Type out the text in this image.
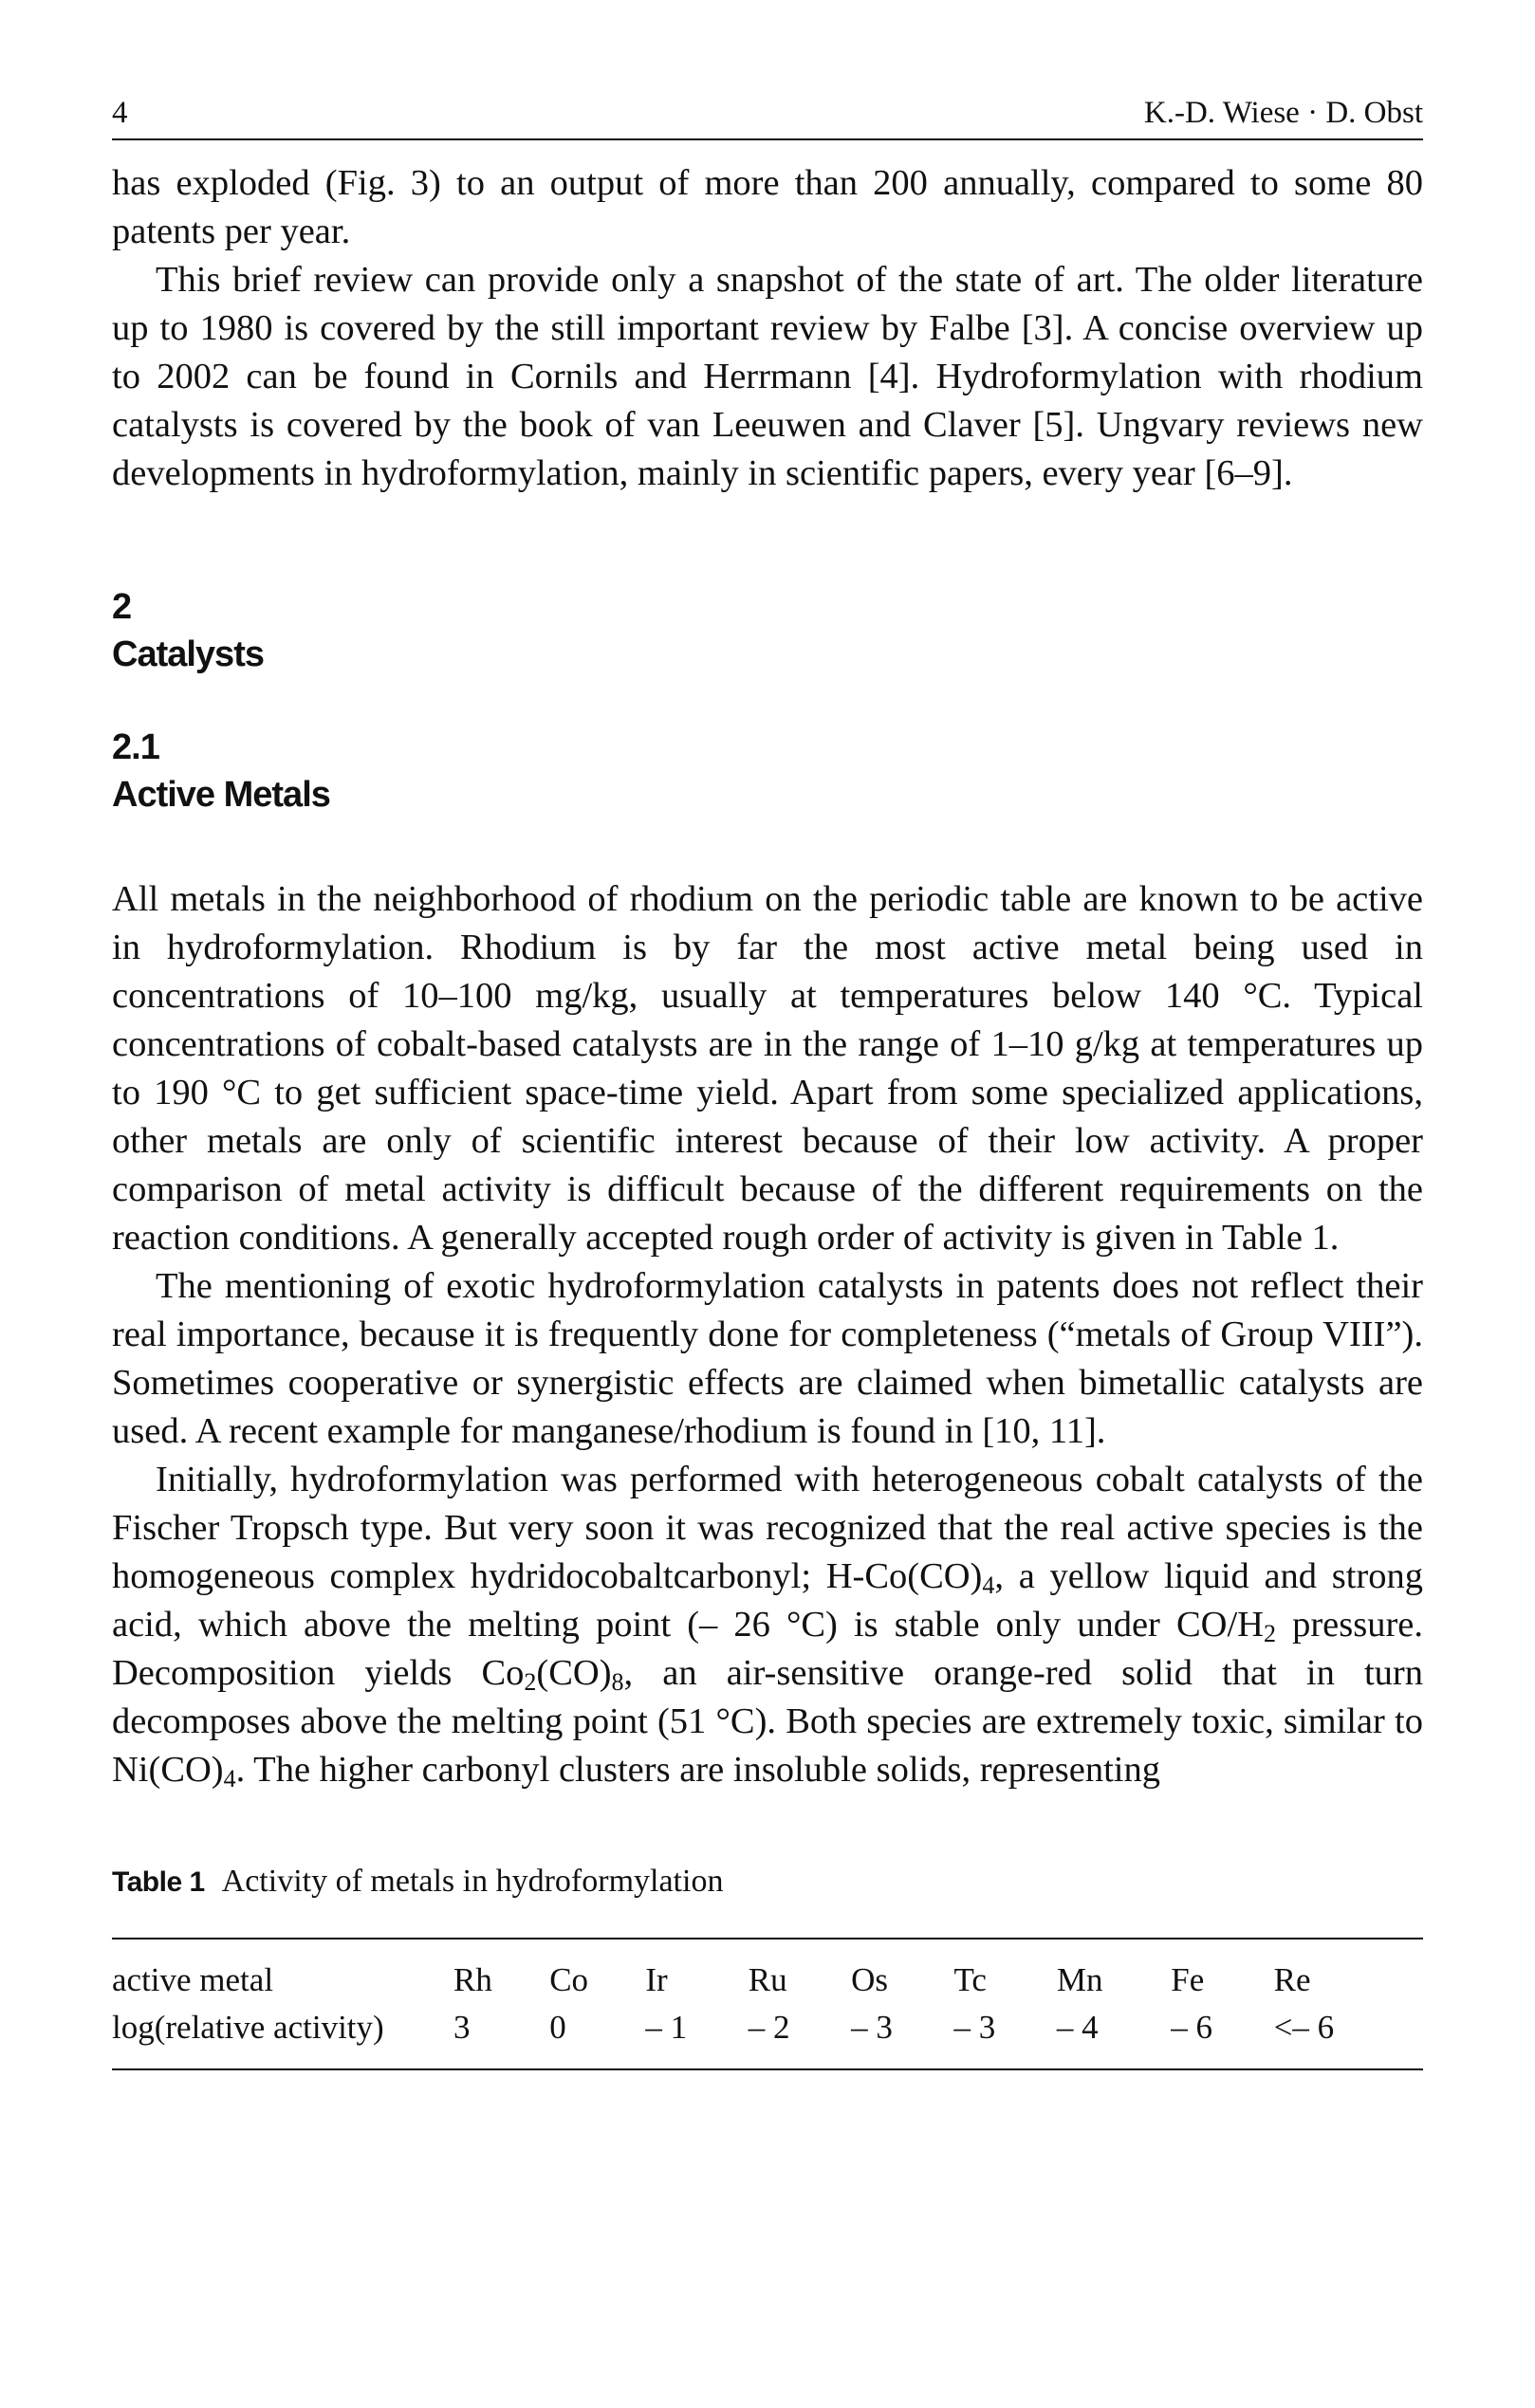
4	K.-D. Wiese · D. Obst

has exploded (Fig. 3) to an output of more than 200 annually, compared to some 80 patents per year.

This brief review can provide only a snapshot of the state of art. The older literature up to 1980 is covered by the still important review by Falbe [3]. A concise overview up to 2002 can be found in Cornils and Herrmann [4]. Hydroformylation with rhodium catalysts is covered by the book of van Leeuwen and Claver [5]. Ungvary reviews new developments in hydroformylation, mainly in scientific papers, every year [6–9].

2

Catalysts

2.1

Active Metals

All metals in the neighborhood of rhodium on the periodic table are known to be active in hydroformylation. Rhodium is by far the most active metal being used in concentrations of 10–100 mg/kg, usually at temperatures below 140 °C. Typical concentrations of cobalt-based catalysts are in the range of 1–10 g/kg at temperatures up to 190 °C to get sufficient space-time yield. Apart from some specialized applications, other metals are only of scientific interest because of their low activity. A proper comparison of metal activity is difficult because of the different requirements on the reaction conditions. A generally accepted rough order of activity is given in Table 1.

The mentioning of exotic hydroformylation catalysts in patents does not reflect their real importance, because it is frequently done for completeness (“metals of Group VIII”). Sometimes cooperative or synergistic effects are claimed when bimetallic catalysts are used. A recent example for manganese/rhodium is found in [10, 11].

Initially, hydroformylation was performed with heterogeneous cobalt catalysts of the Fischer Tropsch type. But very soon it was recognized that the real active species is the homogeneous complex hydridocobaltcarbonyl; $H-Co(CO)_4$, a yellow liquid and strong acid, which above the melting point (– 26 °C) is stable only under $CO/H_2$ pressure. Decomposition yields $Co_2(CO)_8$, an air-sensitive orange-red solid that in turn decomposes above the melting point (51 °C). Both species are extremely toxic, similar to $Ni(CO)_4$. The higher carbonyl clusters are insoluble solids, representing

Table 1 Activity of metals in hydroformylation
active metal	Rh	Co	Ir	Ru	Os	Tc	Mn	Fe	Re
log(relative activity)	3	0	– 1	– 2	– 3	– 3	– 4	– 6	<– 6
